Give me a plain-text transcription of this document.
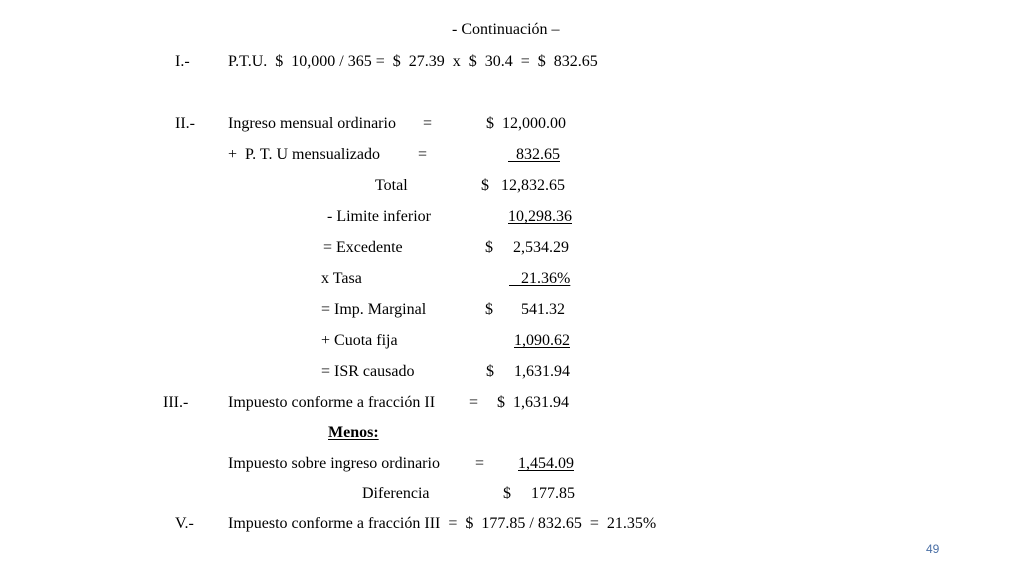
- Continuación –

I.- P.T.U.  $  10,000 / 365 =  $  27.39  x  $  30.4  =  $  832.65

II.- Ingreso mensual ordinario =	$  12,000.00

+  P. T. U mensualizado =	832.65

Total	$   12,832.65

- Limite inferior	10,298.36

= Excedente	$     2,534.29

x Tasa	21.36%

= Imp. Marginal	$       541.32

+ Cuota fija	1,090.62

= ISR causado	$     1,631.94

III.- Impuesto conforme a fracción II = $  1,631.94

Menos:

Impuesto sobre ingreso ordinario = 1,454.09

Diferencia	$     177.85

V.- Impuesto conforme a fracción III  =  $  177.85 / 832.65  =  21.35%

49
